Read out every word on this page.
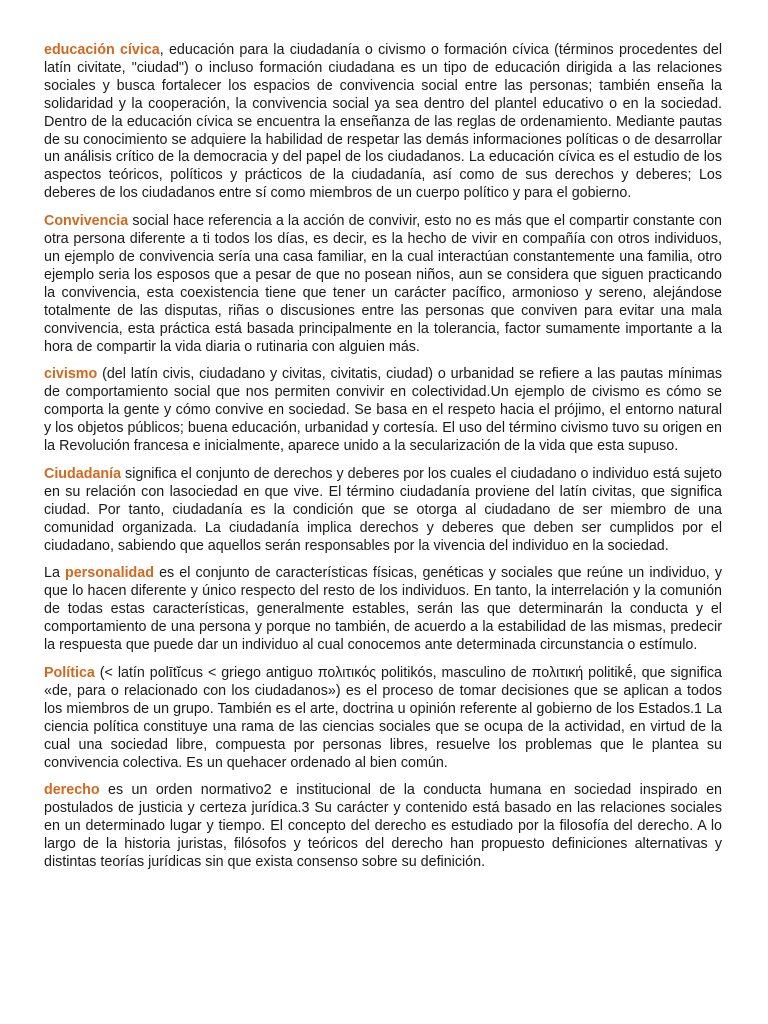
educación cívica, educación para la ciudadanía o civismo o formación cívica (términos procedentes del latín civitate, "ciudad") o incluso formación ciudadana es un tipo de educación dirigida a las relaciones sociales y busca fortalecer los espacios de convivencia social entre las personas; también enseña la solidaridad y la cooperación, la convivencia social ya sea dentro del plantel educativo o en la sociedad. Dentro de la educación cívica se encuentra la enseñanza de las reglas de ordenamiento. Mediante pautas de su conocimiento se adquiere la habilidad de respetar las demás informaciones políticas o de desarrollar un análisis crítico de la democracia y del papel de los ciudadanos. La educación cívica es el estudio de los aspectos teóricos, políticos y prácticos de la ciudadanía, así como de sus derechos y deberes; Los deberes de los ciudadanos entre sí como miembros de un cuerpo político y para el gobierno.

Convivencia social hace referencia a la acción de convivir, esto no es más que el compartir constante con otra persona diferente a ti todos los días, es decir, es la hecho de vivir en compañía con otros individuos, un ejemplo de convivencia sería una casa familiar, en la cual interactúan constantemente una familia, otro ejemplo seria los esposos que a pesar de que no posean niños, aun se considera que siguen practicando la convivencia, esta coexistencia tiene que tener un carácter pacífico, armonioso y sereno, alejándose totalmente de las disputas, riñas o discusiones entre las personas que conviven para evitar una mala convivencia, esta práctica está basada principalmente en la tolerancia, factor sumamente importante a la hora de compartir la vida diaria o rutinaria con alguien más.

civismo (del latín civis, ciudadano y civitas, civitatis, ciudad) o urbanidad se refiere a las pautas mínimas de comportamiento social que nos permiten convivir en colectividad.Un ejemplo de civismo es cómo se comporta la gente y cómo convive en sociedad. Se basa en el respeto hacia el prójimo, el entorno natural y los objetos públicos; buena educación, urbanidad y cortesía. El uso del término civismo tuvo su origen en la Revolución francesa e inicialmente, aparece unido a la secularización de la vida que esta supuso.

Ciudadanía significa el conjunto de derechos y deberes por los cuales el ciudadano o individuo está sujeto en su relación con lasociedad en que vive. El término ciudadanía proviene del latín civitas, que significa ciudad. Por tanto, ciudadanía es la condición que se otorga al ciudadano de ser miembro de una comunidad organizada. La ciudadanía implica derechos y deberes que deben ser cumplidos por el ciudadano, sabiendo que aquellos serán responsables por la vivencia del individuo en la sociedad.

La personalidad es el conjunto de características físicas, genéticas y sociales que reúne un individuo, y que lo hacen diferente y único respecto del resto de los individuos. En tanto, la interrelación y la comunión de todas estas características, generalmente estables, serán las que determinarán la conducta y el comportamiento de una persona y porque no también, de acuerdo a la estabilidad de las mismas, predecir la respuesta que puede dar un individuo al cual conocemos ante determinada circunstancia o estímulo.

Política (< latín polītĭcus < griego antiguo πολιτικός politikós, masculino de πολιτική politikḗ, que significa «de, para o relacionado con los ciudadanos») es el proceso de tomar decisiones que se aplican a todos los miembros de un grupo. También es el arte, doctrina u opinión referente al gobierno de los Estados.1 La ciencia política constituye una rama de las ciencias sociales que se ocupa de la actividad, en virtud de la cual una sociedad libre, compuesta por personas libres, resuelve los problemas que le plantea su convivencia colectiva. Es un quehacer ordenado al bien común.

derecho es un orden normativo2 e institucional de la conducta humana en sociedad inspirado en postulados de justicia y certeza jurídica.3 Su carácter y contenido está basado en las relaciones sociales en un determinado lugar y tiempo. El concepto del derecho es estudiado por la filosofía del derecho. A lo largo de la historia juristas, filósofos y teóricos del derecho han propuesto definiciones alternativas y distintas teorías jurídicas sin que exista consenso sobre su definición.
